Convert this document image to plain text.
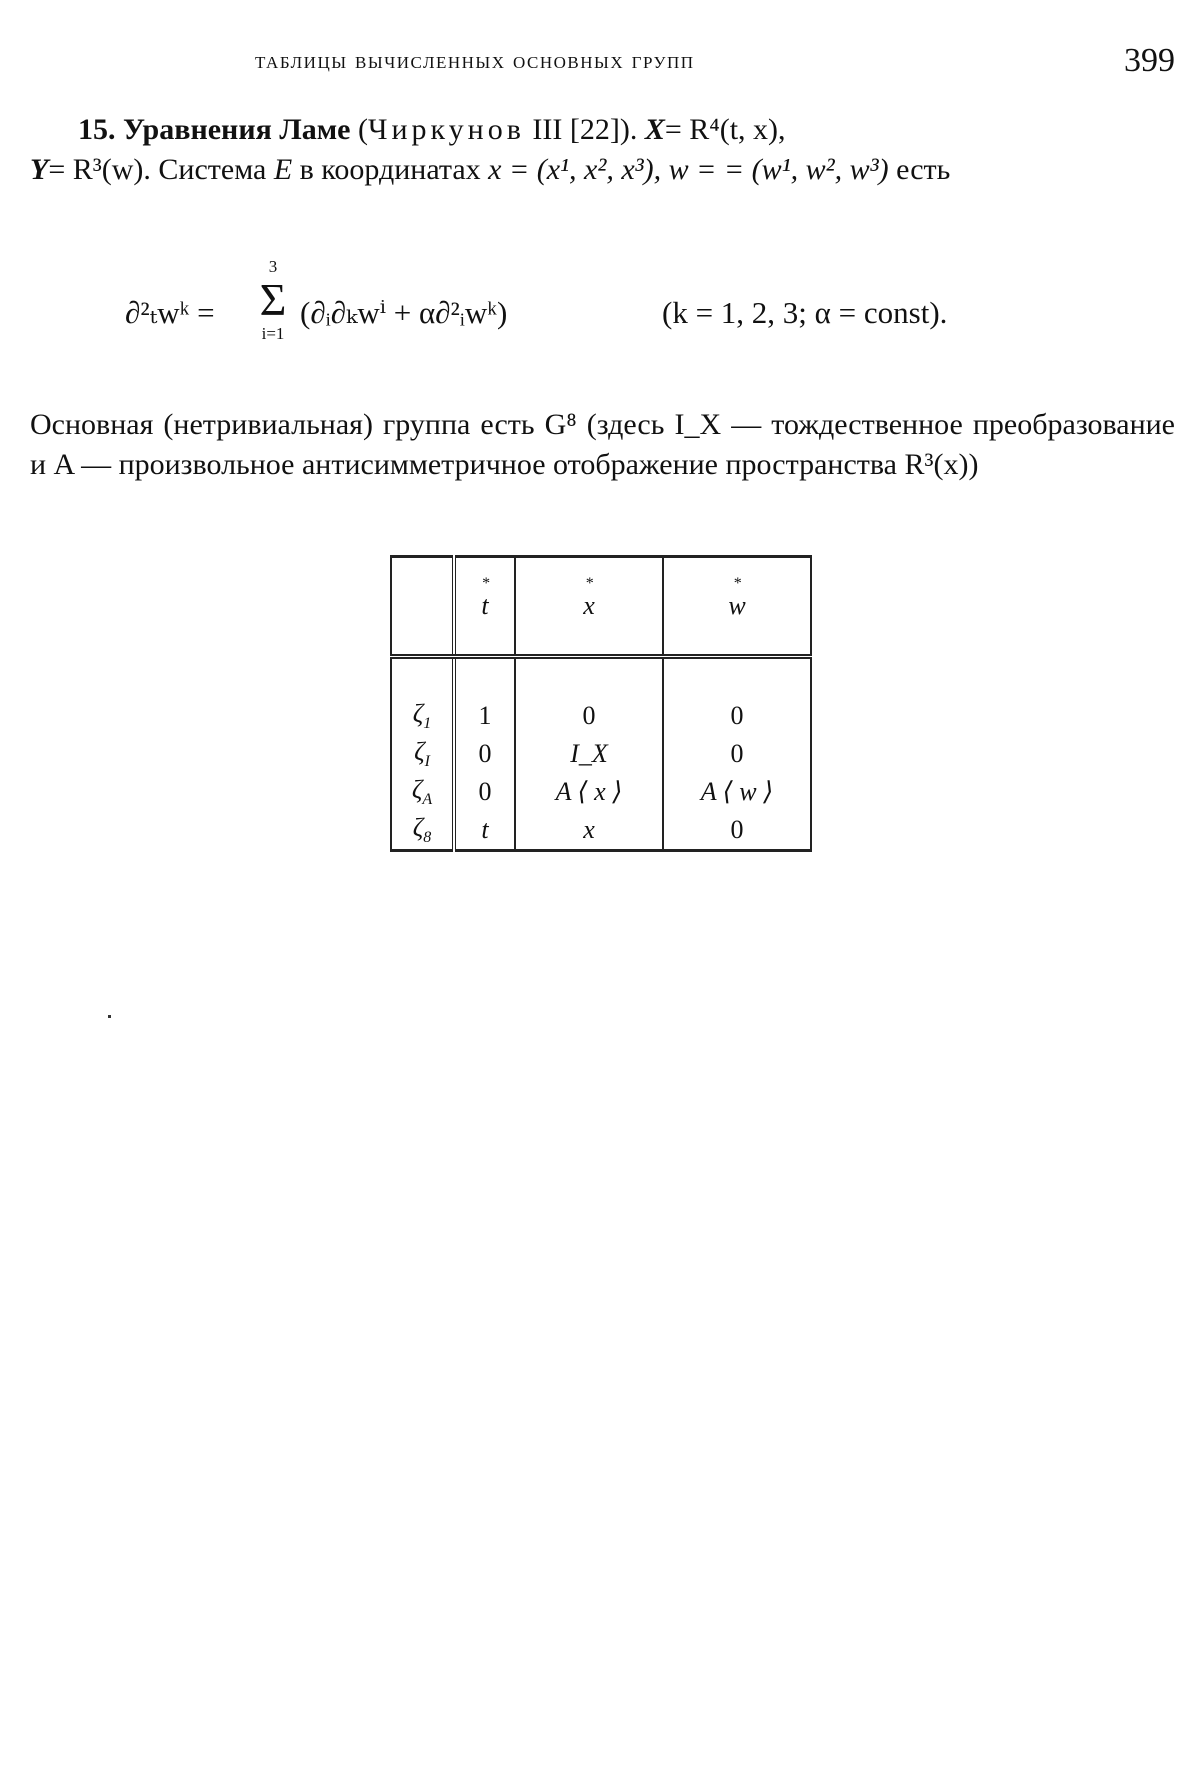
таблицы вычисленных основных групп	399
15. Уравнения Ламе (Чиркунов III [22]). X= R⁴(t, x),
Y= R³(w). Система E в координатах x = (x¹, x², x³), w = = (w¹, w², w³) есть
∂²ₜwᵏ =
3
Σ
i=1
(∂ᵢ∂ₖwⁱ + α∂²ᵢwᵏ)	(k = 1, 2, 3; α = const).
Основная (нетривиальная) группа есть G⁸ (здесь I_X — тождественное преобразование и A — произвольное антисимметричное отображение пространства R³(x))
	* t	* x	* w

$\zeta_1$	1	0	0
$\zeta_I$	0	I_X	0
$\zeta_A$	0	A ⟨ x ⟩	A ⟨ w ⟩
$\zeta_8$	t	x	0
